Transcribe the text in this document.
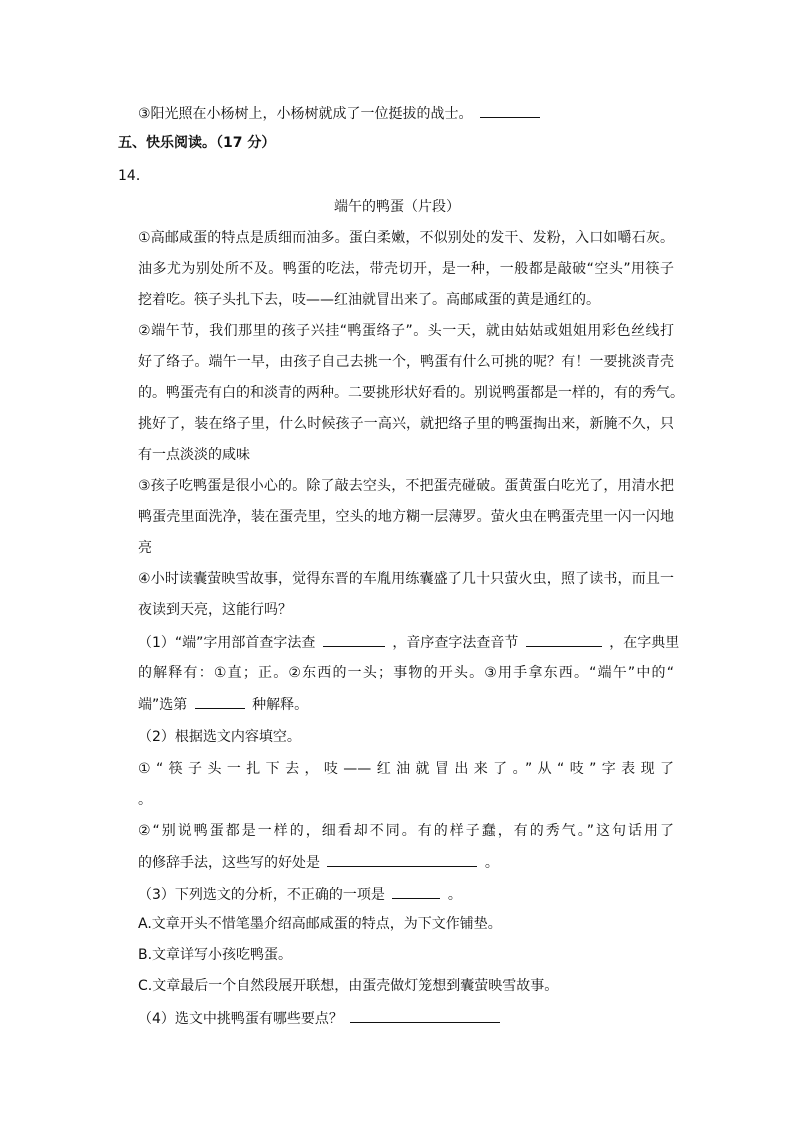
③阳光照在小杨树上，小杨树就成了一位挺拔的战士。
五、快乐阅读。（17 分）
14．
端午的鸭蛋（片段）
①高邮咸蛋的特点是质细而油多。蛋白柔嫩，不似别处的发干、发粉，入口如嚼石灰。
油多尤为别处所不及。鸭蛋的吃法，带壳切开，是一种，一般都是敲破“空头”用筷子
挖着吃。筷子头扎下去，吱——红油就冒出来了。高邮咸蛋的黄是通红的。
②端午节，我们那里的孩子兴挂“鸭蛋络子”。头一天，就由姑姑或姐姐用彩色丝线打
好了络子。端午一早，由孩子自己去挑一个，鸭蛋有什么可挑的呢？有！一要挑淡青壳
的。鸭蛋壳有白的和淡青的两种。二要挑形状好看的。别说鸭蛋都是一样的，有的秀气。
挑好了，装在络子里，什么时候孩子一高兴，就把络子里的鸭蛋掏出来，新腌不久，只
有一点淡淡的咸味
③孩子吃鸭蛋是很小心的。除了敲去空头，不把蛋壳碰破。蛋黄蛋白吃光了，用清水把
鸭蛋壳里面洗净，装在蛋壳里，空头的地方糊一层薄罗。萤火虫在鸭蛋壳里一闪一闪地
亮
④小时读囊萤映雪故事，觉得东晋的车胤用练囊盛了几十只萤火虫，照了读书，而且一
夜读到天亮，这能行吗？
（1）“端”字用部首查字法查	，音序查字法查音节	，在字典里
的解释有：①直；正。②东西的一头；事物的开头。③用手拿东西。“端午”中的“
端”选第	种解释。
（2）根据选文内容填空。
①“筷子头一扎下去，吱——红油就冒出来了。”从“吱”字表现了
。
②“别说鸭蛋都是一样的，细看却不同。有的样子蠢，有的秀气。”这句话用了
的修辞手法，这些写的好处是	。
（3）下列选文的分析，不正确的一项是	。
A.文章开头不惜笔墨介绍高邮咸蛋的特点，为下文作铺垫。
B.文章详写小孩吃鸭蛋。
C.文章最后一个自然段展开联想，由蛋壳做灯笼想到囊萤映雪故事。
（4）选文中挑鸭蛋有哪些要点？
